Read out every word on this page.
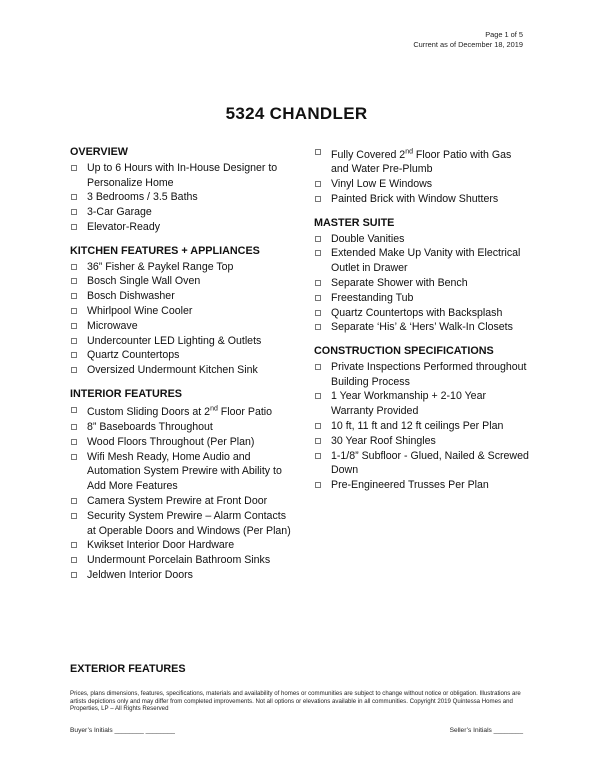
Page 1 of 5
Current as of December 18, 2019
5324 CHANDLER
OVERVIEW
Up to 6 Hours with In-House Designer to Personalize Home
3 Bedrooms / 3.5 Baths
3-Car Garage
Elevator-Ready
KITCHEN FEATURES + APPLIANCES
36” Fisher & Paykel Range Top
Bosch Single Wall Oven
Bosch Dishwasher
Whirlpool Wine Cooler
Microwave
Undercounter LED Lighting & Outlets
Quartz Countertops
Oversized Undermount Kitchen Sink
INTERIOR FEATURES
Custom Sliding Doors at 2nd Floor Patio
8” Baseboards Throughout
Wood Floors Throughout (Per Plan)
Wifi Mesh Ready, Home Audio and Automation System Prewire with Ability to Add More Features
Camera System Prewire at Front Door
Security System Prewire – Alarm Contacts at Operable Doors and Windows (Per Plan)
Kwikset Interior Door Hardware
Undermount Porcelain Bathroom Sinks
Jeldwen Interior Doors
Fully Covered 2nd Floor Patio with Gas and Water Pre-Plumb
Vinyl Low E Windows
Painted Brick with Window Shutters
MASTER SUITE
Double Vanities
Extended Make Up Vanity with Electrical Outlet in Drawer
Separate Shower with Bench
Freestanding Tub
Quartz Countertops with Backsplash
Separate ‘His’ & ‘Hers’ Walk-In Closets
CONSTRUCTION SPECIFICATIONS
Private Inspections Performed throughout Building Process
1 Year Workmanship + 2-10 Year Warranty Provided
10 ft, 11 ft and 12 ft ceilings Per Plan
30 Year Roof Shingles
1-1/8” Subfloor - Glued, Nailed & Screwed Down
Pre-Engineered Trusses Per Plan
EXTERIOR FEATURES
Prices, plans dimensions, features, specifications, materials and availability of homes or communities are subject to change without notice or obligation. Illustrations are artists depictions only and may differ from completed improvements. Not all options or elevations available in all communities. Copyright 2019 Quintessa Homes and Properties, LP – All Rights Reserved
Buyer’s Initials ________ ________	Seller’s Initials ________
